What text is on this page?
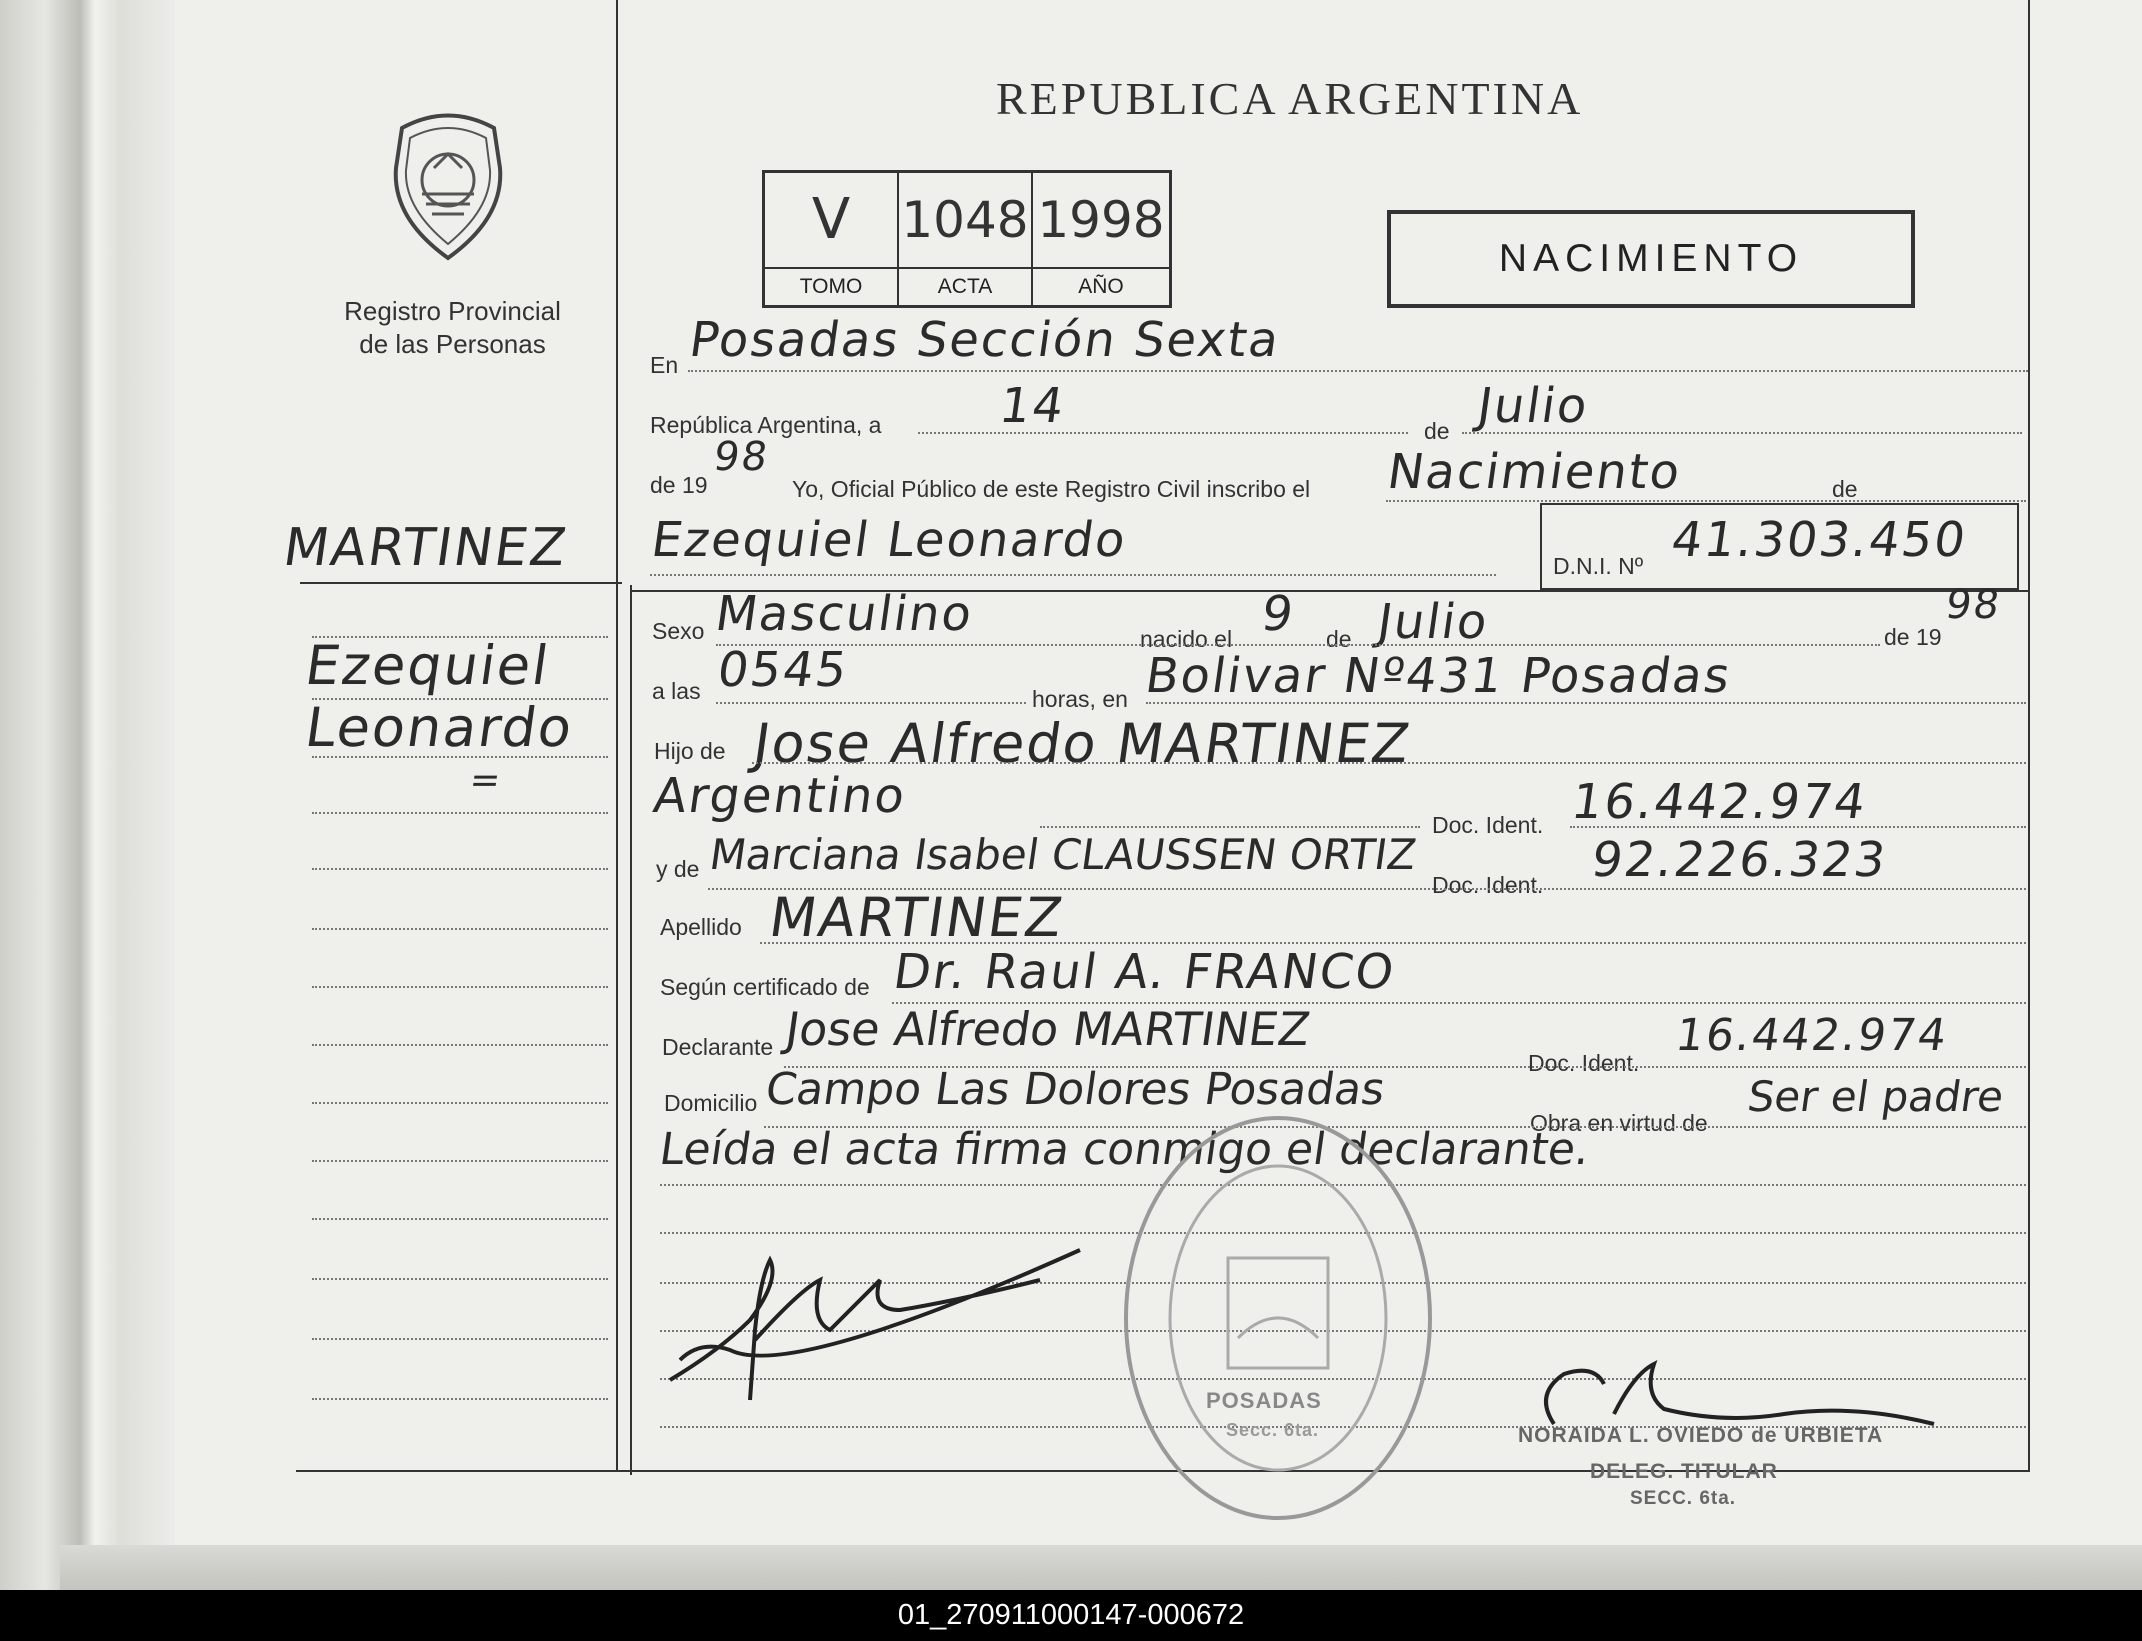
Registro Provincial
de las Personas
REPUBLICA ARGENTINA
V	1048 1998
TOMO	ACTA	AÑO
NACIMIENTO
En Posadas Sección Sexta
República Argentina, a 14	de Julio
de 19
98
Yo, Oficial Público de este Registro Civil inscribo el Nacimiento	de
MARTINEZ Ezequiel Leonardo	D.N.I. Nº 41.303.450
Ezequiel
Leonardo
=
Sexo Masculino	nacido el 9 de Julio	de 19
98
a las 0545
horas, en Bolivar Nº431 Posadas
Hijo de Jose Alfredo MARTINEZ
Argentino
Doc. Ident. 16.442.974
y de Marciana Isabel CLAUSSEN ORTIZ
Doc. Ident. 92.226.323
Apellido MARTINEZ
Según certificado de Dr. Raul A. FRANCO
Declarante Jose Alfredo MARTINEZ
Doc. Ident.
16.442.974
Domicilio Campo Las Dolores Posadas
Obra en virtud de
Ser el padre
Leída el acta firma conmigo el declarante.
POSADAS
Secc. 6ta.	NORAIDA L. OVIEDO de URBIETA
DELEG. TITULAR
SECC. 6ta.
01_270911000147-000672
